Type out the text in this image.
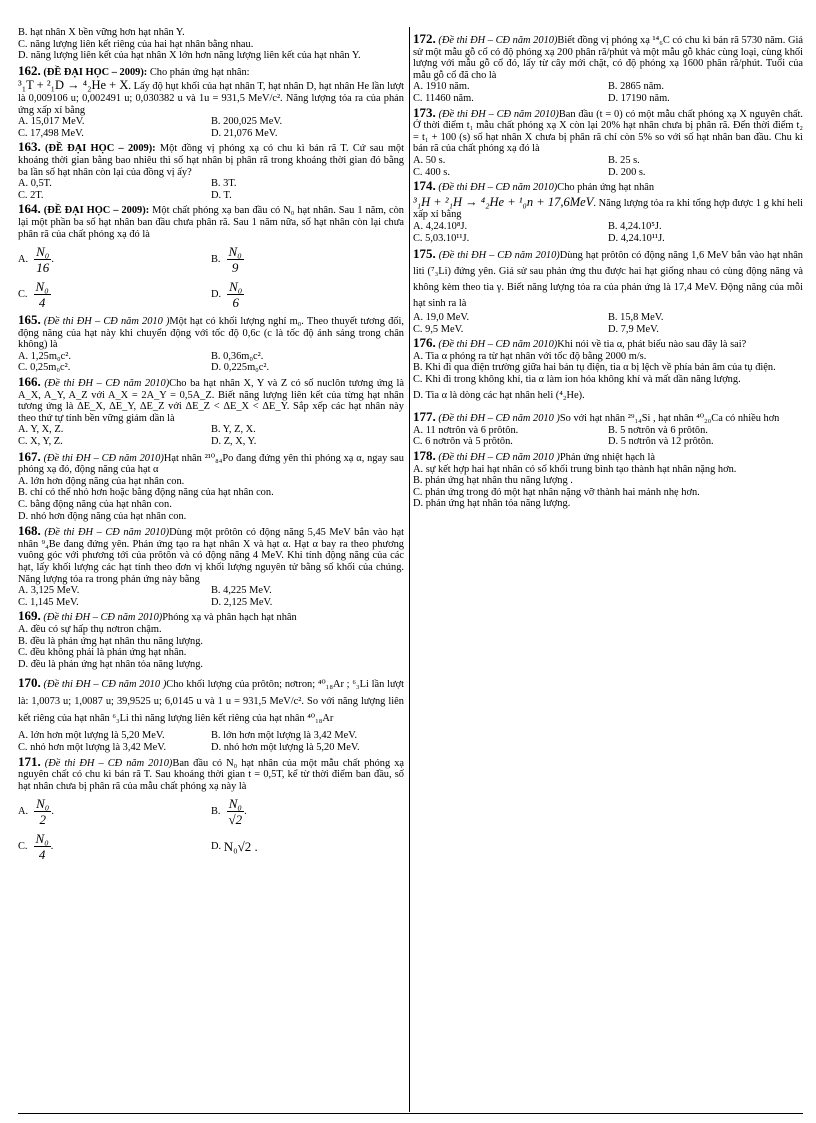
B. hạt nhân X bền vững hơn hạt nhân Y.

C. năng lượng liên kết riêng của hai hạt nhân bằng nhau.

D. năng lượng liên kết của hạt nhân X lớn hơn năng lượng liên kết của hạt nhân Y.

162. (ĐỀ ĐẠI HỌC – 2009): Cho phản ứng hạt nhân:

³₁T + ²₁D → ⁴₂He + X. Lấy độ hụt khối của hạt nhân T, hạt nhân D, hạt nhân He lần lượt là 0,009106 u; 0,002491 u; 0,030382 u và 1u = 931,5 MeV/c². Năng lượng tỏa ra của phản ứng xấp xỉ bằng

A. 15,017 MeV.	B. 200,025 MeV.
C. 17,498 MeV.	D. 21,076 MeV.

163. (ĐỀ ĐẠI HỌC – 2009): Một đồng vị phóng xạ có chu kì bán rã T. Cứ sau một khoảng thời gian bằng bao nhiêu thì số hạt nhân bị phân rã trong khoảng thời gian đó bằng ba lần số hạt nhân còn lại của đồng vị ấy?

A. 0,5T.	B. 3T.
C. 2T.	D. T.

164. (ĐỀ ĐẠI HỌC – 2009): Một chất phóng xạ ban đầu có N₀ hạt nhân. Sau 1 năm, còn lại một phần ba số hạt nhân ban đầu chưa phân rã. Sau 1 năm nữa, số hạt nhân còn lại chưa phân rã của chất phóng xạ đó là

A. $\frac{\text{N₀}}{16}$ .	B. $\frac{\text{N₀}}{9}$
C. $\frac{\text{N₀}}{4}$	D. $\frac{\text{N₀}}{6}$

165. (Đề thi ĐH – CĐ năm 2010 )Một hạt có khối lượng nghỉ m₀. Theo thuyết tương đối, động năng của hạt này khi chuyển động với tốc độ 0,6c (c là tốc độ ánh sáng trong chân không) là

A. 1,25m₀c².	B. 0,36m₀c².
C. 0,25m₀c².	D. 0,225m₀c².

166. (Đề thi ĐH – CĐ năm 2010)Cho ba hạt nhân X, Y và Z có số nuclôn tương ứng là A_X, A_Y, A_Z với A_X = 2A_Y = 0,5A_Z. Biết năng lượng liên kết của từng hạt nhân tương ứng là ΔE_X, ΔE_Y, ΔE_Z với ΔE_Z < ΔE_X < ΔE_Y. Sắp xếp các hạt nhân này theo thứ tự tính bền vững giảm dần là

A. Y, X, Z.	B. Y, Z, X.
C. X, Y, Z.	D. Z, X, Y.

167. (Đề thi ĐH – CĐ năm 2010)Hạt nhân ²¹⁰₈₄Po đang đứng yên thì phóng xạ α, ngay sau phóng xạ đó, động năng của hạt α

A. lớn hơn động năng của hạt nhân con.

B. chỉ có thể nhỏ hơn hoặc bằng động năng của hạt nhân con.

C. bằng động năng của hạt nhân con.

D. nhỏ hơn động năng của hạt nhân con.

168. (Đề thi ĐH – CĐ năm 2010)Dùng một prôtôn có động năng 5,45 MeV bắn vào hạt nhân ⁹₄Be đang đứng yên. Phản ứng tạo ra hạt nhân X và hạt α. Hạt α bay ra theo phương vuông góc với phương tới của prôtôn và có động năng 4 MeV. Khi tính động năng của các hạt, lấy khối lượng các hạt tính theo đơn vị khối lượng nguyên tử bằng số khối của chúng. Năng lượng tỏa ra trong phản ứng này bằng

A. 3,125 MeV.	B. 4,225 MeV.
C. 1,145 MeV.	D. 2,125 MeV.

169. (Đề thi ĐH – CĐ năm 2010)Phóng xạ và phân hạch hạt nhân

A. đều có sự hấp thụ nơtron chậm.

B. đều là phản ứng hạt nhân thu năng lượng.

C. đều không phải là phản ứng hạt nhân.

D. đều là phản ứng hạt nhân tỏa năng lượng.

170. (Đề thi ĐH – CĐ năm 2010 )Cho khối lượng của prôtôn; nơtron; ⁴⁰₁₈Ar ; ⁶₃Li lần lượt là: 1,0073 u; 1,0087 u; 39,9525 u; 6,0145 u và 1 u = 931,5 MeV/c². So với năng lượng liên kết riêng của hạt nhân ⁶₃Li thì năng lượng liên kết riêng của hạt nhân ⁴⁰₁₈Ar

A. lớn hơn một lượng là 5,20 MeV.	B. lớn hơn một lượng là 3,42 MeV.
C. nhỏ hơn một lượng là 3,42 MeV.	D. nhỏ hơn một lượng là 5,20 MeV.

171. (Đề thi ĐH – CĐ năm 2010)Ban đầu có N₀ hạt nhân của một mẫu chất phóng xạ nguyên chất có chu kì bán rã T. Sau khoảng thời gian t = 0,5T, kể từ thời điểm ban đầu, số hạt nhân chưa bị phân rã của mẫu chất phóng xạ này là

A. $\frac{\text{N₀}}{2}$ .	B. $\frac{\text{N₀}}{√2}$ .
C. $\frac{\text{N₀}}{4}$ .	D.
N₀√2 .

172. (Đề thi ĐH – CĐ năm 2010)Biết đồng vị phóng xạ ¹⁴₆C có chu kì bán rã 5730 năm. Giả sử một mẫu gỗ cổ có độ phóng xạ 200 phân rã/phút và một mẫu gỗ khác cùng loại, cùng khối lượng với mẫu gỗ cổ đó, lấy từ cây mới chặt, có độ phóng xạ 1600 phân rã/phút. Tuổi của mẫu gỗ cổ đã cho là

A. 1910 năm.	B. 2865 năm.
C. 11460 năm.	D. 17190 năm.

173. (Đề thi ĐH – CĐ năm 2010)Ban đầu (t = 0) có một mẫu chất phóng xạ X nguyên chất. Ở thời điểm t₁ mẫu chất phóng xạ X còn lại 20% hạt nhân chưa bị phân rã. Đến thời điểm t₂ = t₁ + 100 (s) số hạt nhân X chưa bị phân rã chỉ còn 5% so với số hạt nhân ban đầu. Chu kì bán rã của chất phóng xạ đó là

A. 50 s.	B. 25 s.
C. 400 s.	D. 200 s.

174. (Đề thi ĐH – CĐ năm 2010)Cho phản ứng hạt nhân

³₁H + ²₁H → ⁴₂He + ¹₀n + 17,6MeV. Năng lượng tỏa ra khi tổng hợp được 1 g khí heli xấp xỉ bằng

A. 4,24.10⁸J.	B. 4,24.10⁵J.
C. 5,03.10¹¹J.	D. 4,24.10¹¹J.

175. (Đề thi ĐH – CĐ năm 2010)Dùng hạt prôtôn có động năng 1,6 MeV bắn vào hạt nhân liti (⁷₃Li) đứng yên. Giả sử sau phản ứng thu được hai hạt giống nhau có cùng động năng và không kèm theo tia γ. Biết năng lượng tỏa ra của phản ứng là 17,4 MeV. Động năng của mỗi hạt sinh ra là

A. 19,0 MeV.	B. 15,8 MeV.
C. 9,5 MeV.	D. 7,9 MeV.

176. (Đề thi ĐH – CĐ năm 2010)Khi nói về tia α, phát biểu nào sau đây là sai?

A. Tia α phóng ra từ hạt nhân với tốc độ bằng 2000 m/s.

B. Khi đi qua điện trường giữa hai bản tụ điện, tia α bị lệch về phía bản âm của tụ điện.

C. Khi đi trong không khí, tia α làm ion hóa không khí và mất dần năng lượng.

D. Tia α là dòng các hạt nhân heli (⁴₂He).

177. (Đề thi ĐH – CĐ năm 2010 )So với hạt nhân ²⁹₁₄Si , hạt nhân ⁴⁰₂₀Ca có nhiều hơn

A. 11 nơtrôn và 6 prôtôn.	B. 5 nơtrôn và 6 prôtôn.
C. 6 nơtrôn và 5 prôtôn.	D. 5 nơtrôn và 12 prôtôn.

178. (Đề thi ĐH – CĐ năm 2010 )Phản ứng nhiệt hạch là

A. sự kết hợp hai hạt nhân có số khối trung bình tạo thành hạt nhân nặng hơn.

B. phản ứng hạt nhân thu năng lượng .

C. phản ứng trong đó một hạt nhân nặng vỡ thành hai mảnh nhẹ hơn.

D. phản ứng hạt nhân tỏa năng lượng.
